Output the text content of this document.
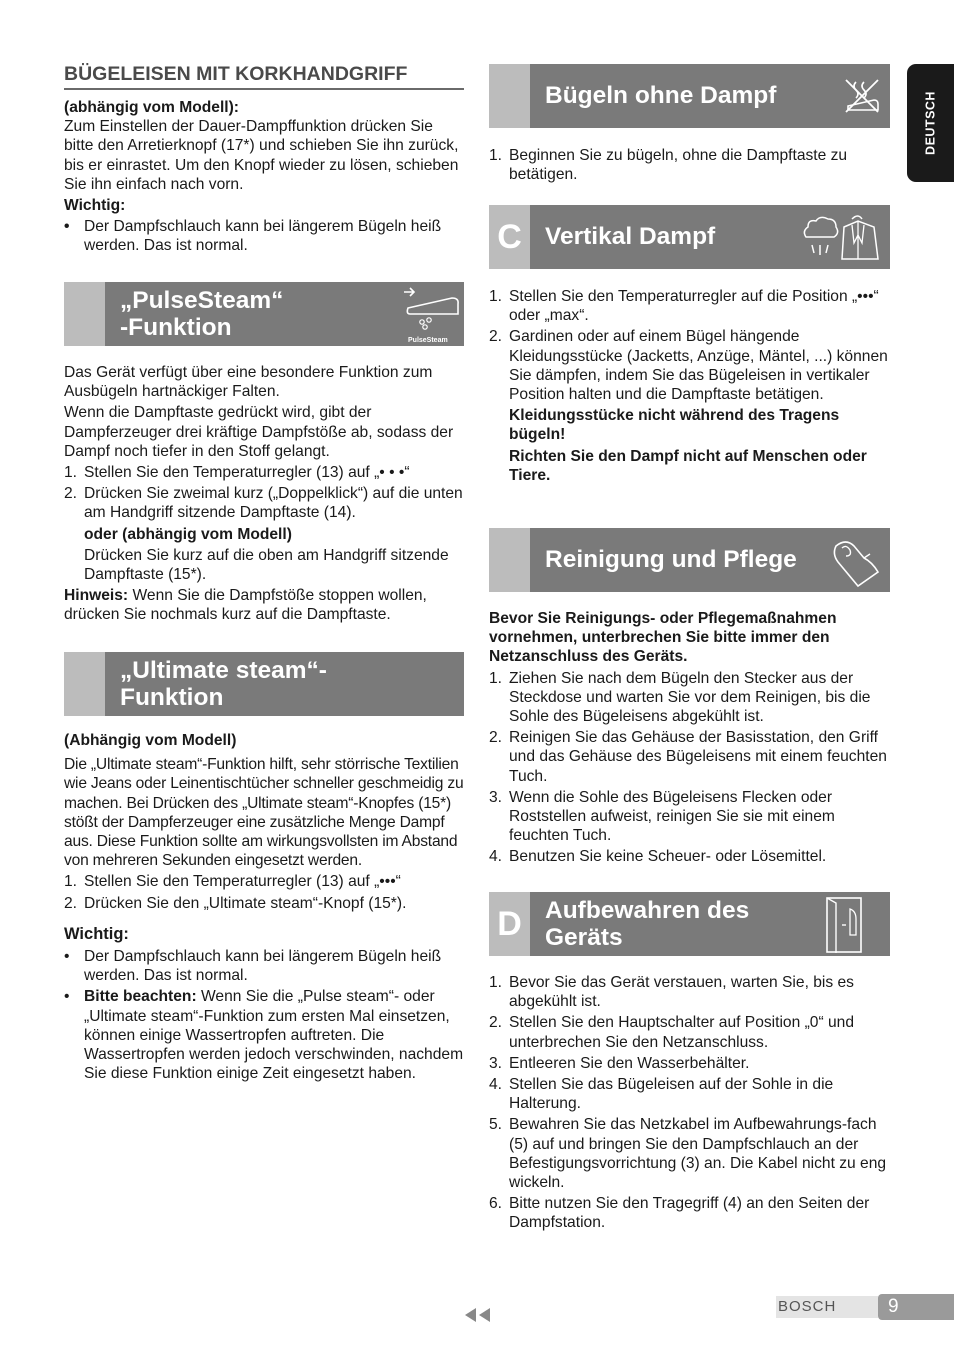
DEUTSCH
BÜGELEISEN MIT KORKHANDGRIFF

(abhängig vom Modell):

Zum Einstellen der Dauer-Dampffunktion drücken Sie bitte den Arretierknopf (17*) und schieben Sie ihn zurück, bis er einrastet. Um den Knopf wieder zu lösen, schieben Sie ihn einfach nach vorn.

Wichtig:

• Der Dampfschlauch kann bei längerem Bügeln heiß werden. Das ist normal.
„PulseSteam“
-Funktion	PulseSteam

Das Gerät verfügt über eine besondere Funktion zum Ausbügeln hartnäckiger Falten.

Wenn die Dampftaste gedrückt wird, gibt der Dampferzeuger drei kräftige Dampfstöße ab, sodass der Dampf noch tiefer in den Stoff gelangt.

1. Stellen Sie den Temperaturregler (13) auf „• • •“
2. Drücken Sie zweimal kurz („Doppelklick“) auf die unten am Handgriff sitzende Dampftaste (14).
oder (abhängig vom Modell)
Drücken Sie kurz auf die oben am Handgriff sitzende Dampftaste (15*).

Hinweis: Wenn Sie die Dampfstöße stoppen wollen, drücken Sie nochmals kurz auf die Dampftaste.

„Ultimate steam“-
Funktion

(Abhängig vom Modell)

Die „Ultimate steam“-Funktion hilft, sehr störrische Textilien wie Jeans oder Leinentischtücher schneller geschmeidig zu machen. Bei Drücken des „Ultimate steam“-Knopfes (15*) stößt der Dampferzeuger eine zusätzliche Menge Dampf aus. Diese Funktion sollte am wirkungsvollsten im Abstand von mehreren Sekunden eingesetzt werden.

1. Stellen Sie den Temperaturregler (13) auf „•••“
2. Drücken Sie den „Ultimate steam“-Knopf (15*).

Wichtig:

• Der Dampfschlauch kann bei längerem Bügeln heiß werden. Das ist normal.
• Bitte beachten: Wenn Sie die „Pulse steam“- oder „Ultimate steam“-Funktion zum ersten Mal einsetzen, können einige Wassertropfen auftreten. Die Wassertropfen werden jedoch verschwinden, nachdem Sie diese Funktion einige Zeit eingesetzt haben.
Bügeln ohne Dampf
1. Beginnen Sie zu bügeln, ohne die Dampftaste zu betätigen.
C Vertikal Dampf
1. Stellen Sie den Temperaturregler auf die Position „•••“ oder „max“.
2. Gardinen oder auf einem Bügel hängende Kleidungsstücke (Jacketts, Anzüge, Mäntel, ...) können Sie dämpfen, indem Sie das Bügeleisen in vertikaler Position halten und die Dampftaste betätigen.
Kleidungsstücke nicht während des Tragens bügeln!
Richten Sie den Dampf nicht auf Menschen oder Tiere.
Reinigung und Pflege

Bevor Sie Reinigungs- oder Pflegemaßnahmen vornehmen, unterbrechen Sie bitte immer den Netzanschluss des Geräts.

1. Ziehen Sie nach dem Bügeln den Stecker aus der Steckdose und warten Sie vor dem Reinigen, bis die Sohle des Bügeleisens abgekühlt ist.
2. Reinigen Sie das Gehäuse der Basisstation, den Griff und das Gehäuse des Bügeleisens mit einem feuchten Tuch.
3. Wenn die Sohle des Bügeleisens Flecken oder Roststellen aufweist, reinigen Sie sie mit einem feuchten Tuch.
4. Benutzen Sie keine Scheuer- oder Lösemittel.
D Aufbewahren des
Geräts
1. Bevor Sie das Gerät verstauen, warten Sie, bis es abgekühlt ist.
2. Stellen Sie den Hauptschalter auf Position „0“ und unterbrechen Sie den Netzanschluss.
3. Entleeren Sie den Wasserbehälter.
4. Stellen Sie das Bügeleisen auf der Sohle in die Halterung.
5. Bewahren Sie das Netzkabel im Aufbewahrungs-fach (5) auf und bringen Sie den Dampfschlauch an der Befestigungsvorrichtung (3) an. Die Kabel nicht zu eng wickeln.
6. Bitte nutzen Sie den Tragegriff (4) an den Seiten der Dampfstation.
BOSCH	9
